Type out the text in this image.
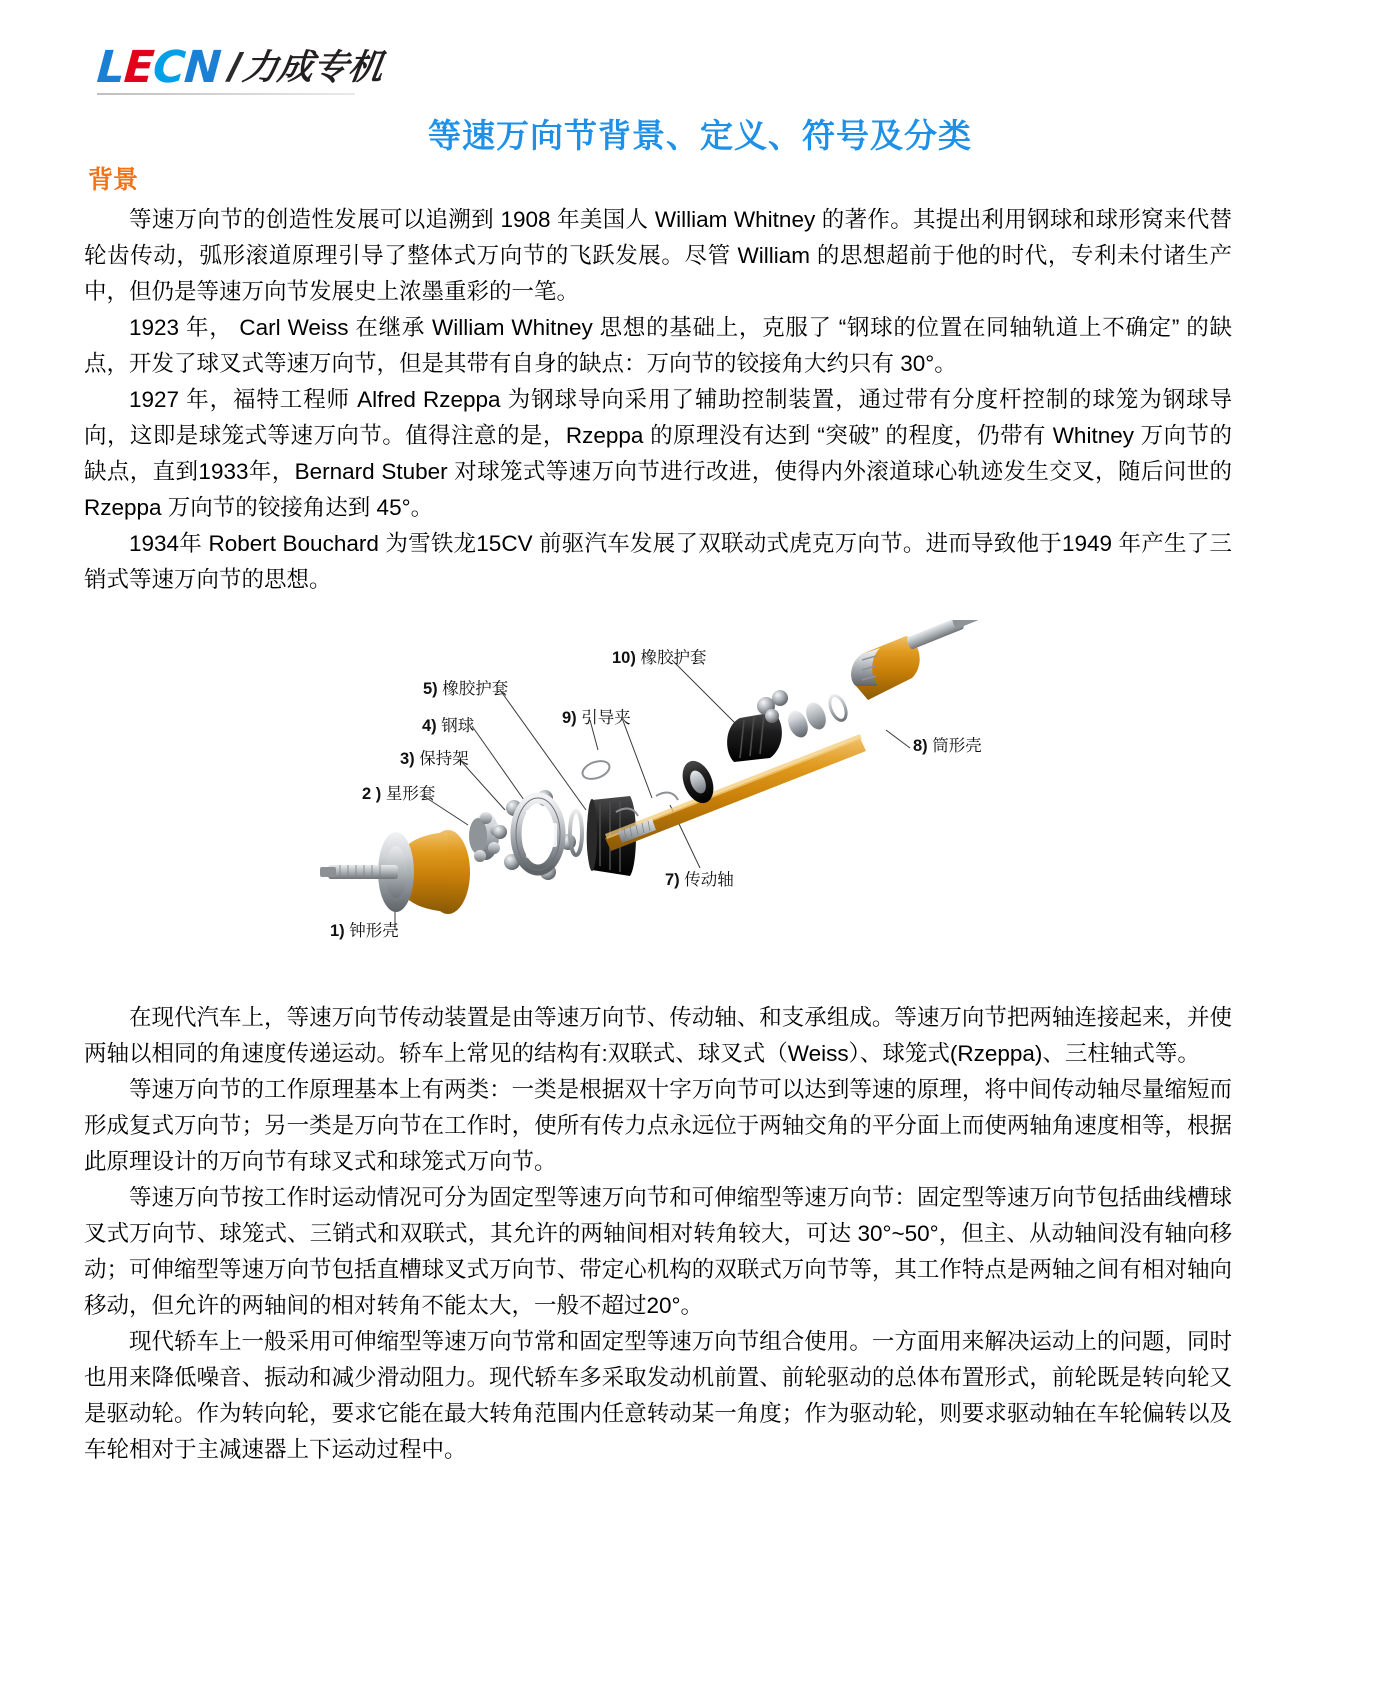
LECN /
力成专机
等速万向节背景、定义、符号及分类
背景

等速万向节的创造性发展可以追溯到 1908 年美国人 William Whitney 的著作。其提出利用钢球和球形窝来代替轮齿传动，弧形滚道原理引导了整体式万向节的飞跃发展。尽管 William 的思想超前于他的时代，专利未付诸生产中，但仍是等速万向节发展史上浓墨重彩的一笔。

1923 年， Carl Weiss 在继承 William Whitney 思想的基础上，克服了 “钢球的位置在同轴轨道上不确定” 的缺点，开发了球叉式等速万向节，但是其带有自身的缺点：万向节的铰接角大约只有 30°。

1927 年，福特工程师 Alfred Rzeppa 为钢球导向采用了辅助控制装置，通过带有分度杆控制的球笼为钢球导向，这即是球笼式等速万向节。值得注意的是，Rzeppa 的原理没有达到 “突破” 的程度，仍带有 Whitney 万向节的缺点，直到1933年，Bernard Stuber 对球笼式等速万向节进行改进，使得内外滚道球心轨迹发生交叉，随后问世的 Rzeppa 万向节的铰接角达到 45°。

1934年 Robert Bouchard 为雪铁龙15CV 前驱汽车发展了双联动式虎克万向节。进而导致他于1949 年产生了三销式等速万向节的思想。

1) 钟形壳
2 ) 星形套
3) 保持架
4) 钢球
5) 橡胶护套
7) 传动轴
8) 筒形壳
9) 引导夹
10) 橡胶护套

在现代汽车上，等速万向节传动装置是由等速万向节、传动轴、和支承组成。等速万向节把两轴连接起来，并使两轴以相同的角速度传递运动。轿车上常见的结构有:双联式、球叉式（Weiss）、球笼式(Rzeppa)、三柱轴式等。

等速万向节的工作原理基本上有两类：一类是根据双十字万向节可以达到等速的原理，将中间传动轴尽量缩短而形成复式万向节；另一类是万向节在工作时，使所有传力点永远位于两轴交角的平分面上而使两轴角速度相等，根据此原理设计的万向节有球叉式和球笼式万向节。

等速万向节按工作时运动情况可分为固定型等速万向节和可伸缩型等速万向节：固定型等速万向节包括曲线槽球叉式万向节、球笼式、三销式和双联式，其允许的两轴间相对转角较大，可达 30°~50°，但主、从动轴间没有轴向移动；可伸缩型等速万向节包括直槽球叉式万向节、带定心机构的双联式万向节等，其工作特点是两轴之间有相对轴向移动，但允许的两轴间的相对转角不能太大，一般不超过20°。

现代轿车上一般采用可伸缩型等速万向节常和固定型等速万向节组合使用。一方面用来解决运动上的问题，同时也用来降低噪音、振动和减少滑动阻力。现代轿车多采取发动机前置、前轮驱动的总体布置形式，前轮既是转向轮又是驱动轮。作为转向轮，要求它能在最大转角范围内任意转动某一角度；作为驱动轮，则要求驱动轴在车轮偏转以及车轮相对于主减速器上下运动过程中。
